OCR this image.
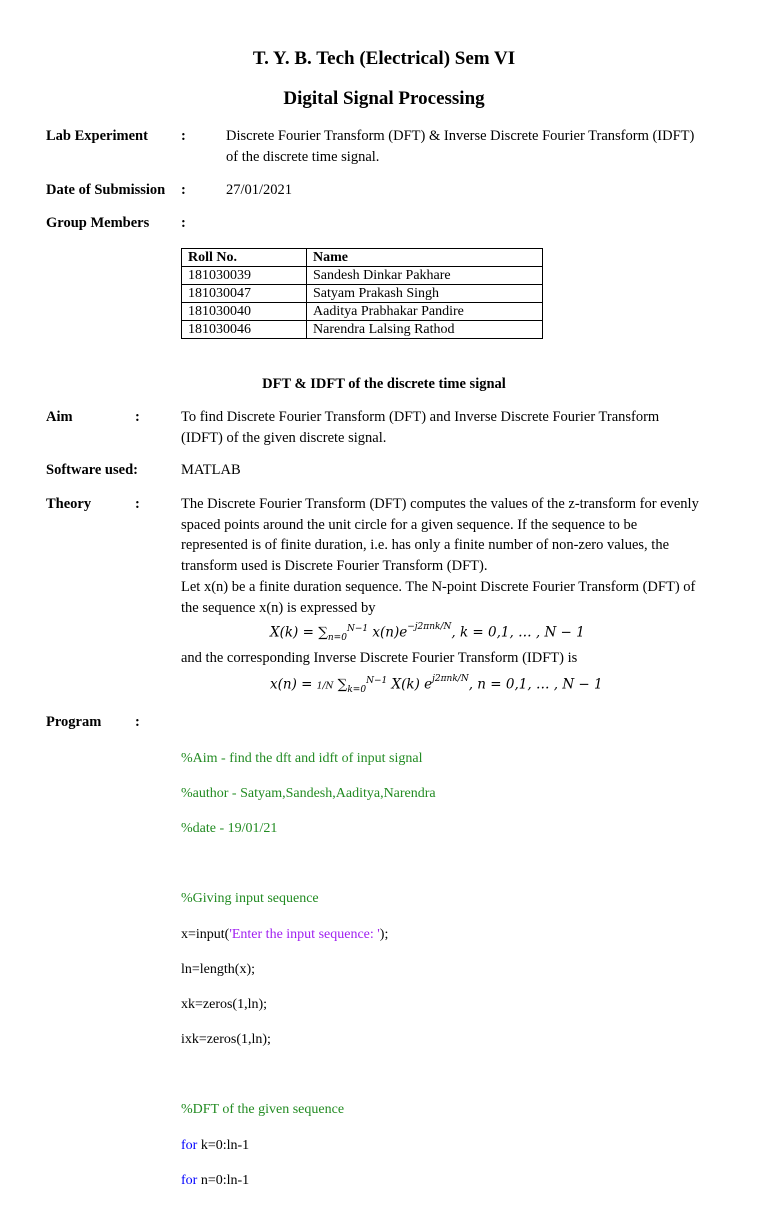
T. Y. B. Tech (Electrical) Sem VI
Digital Signal Processing
Lab Experiment :	Discrete Fourier Transform (DFT) & Inverse Discrete Fourier Transform (IDFT)
of the discrete time signal.
Date of Submission :	27/01/2021
Group Members :
Roll No.	Name
181030039	Sandesh Dinkar Pakhare
181030047	Satyam Prakash Singh
181030040	Aaditya Prabhakar Pandire
181030046	Narendra Lalsing Rathod
DFT & IDFT of the discrete time signal
Aim	:	To find Discrete Fourier Transform (DFT) and Inverse Discrete Fourier Transform
(IDFT) of the given discrete signal.
Software used:	MATLAB
Theory	:	The Discrete Fourier Transform (DFT) computes the values of the z-transform for evenly
spaced points around the unit circle for a given sequence. If the sequence to be
represented is of finite duration, i.e. has only a finite number of non-zero values, the
transform used is Discrete Fourier Transform (DFT).
Let x(n) be a finite duration sequence. The N-point Discrete Fourier Transform (DFT) of
the sequence x(n) is expressed by
$X(k) = \sum_{n=0}^{N-1}$ $x(n)e^{-j2\pi nk/N}$, k = 0,1, … , N − 1
and the corresponding Inverse Discrete Fourier Transform (IDFT) is
x(n) = 1/N $\sum_{k=0}^{N-1}$ X(k) $e^{j2\pi nk/N}$, n = 0,1, … , N − 1
Program :

%Aim - find the dft and idft of input signal

%author - Satyam,Sandesh,Aaditya,Narendra

%date - 19/01/21

%Giving input sequence

x=input('Enter the input sequence: ');

ln=length(x);

xk=zeros(1,ln);

ixk=zeros(1,ln);

%DFT of the given sequence

for k=0:ln-1

for n=0:ln-1
